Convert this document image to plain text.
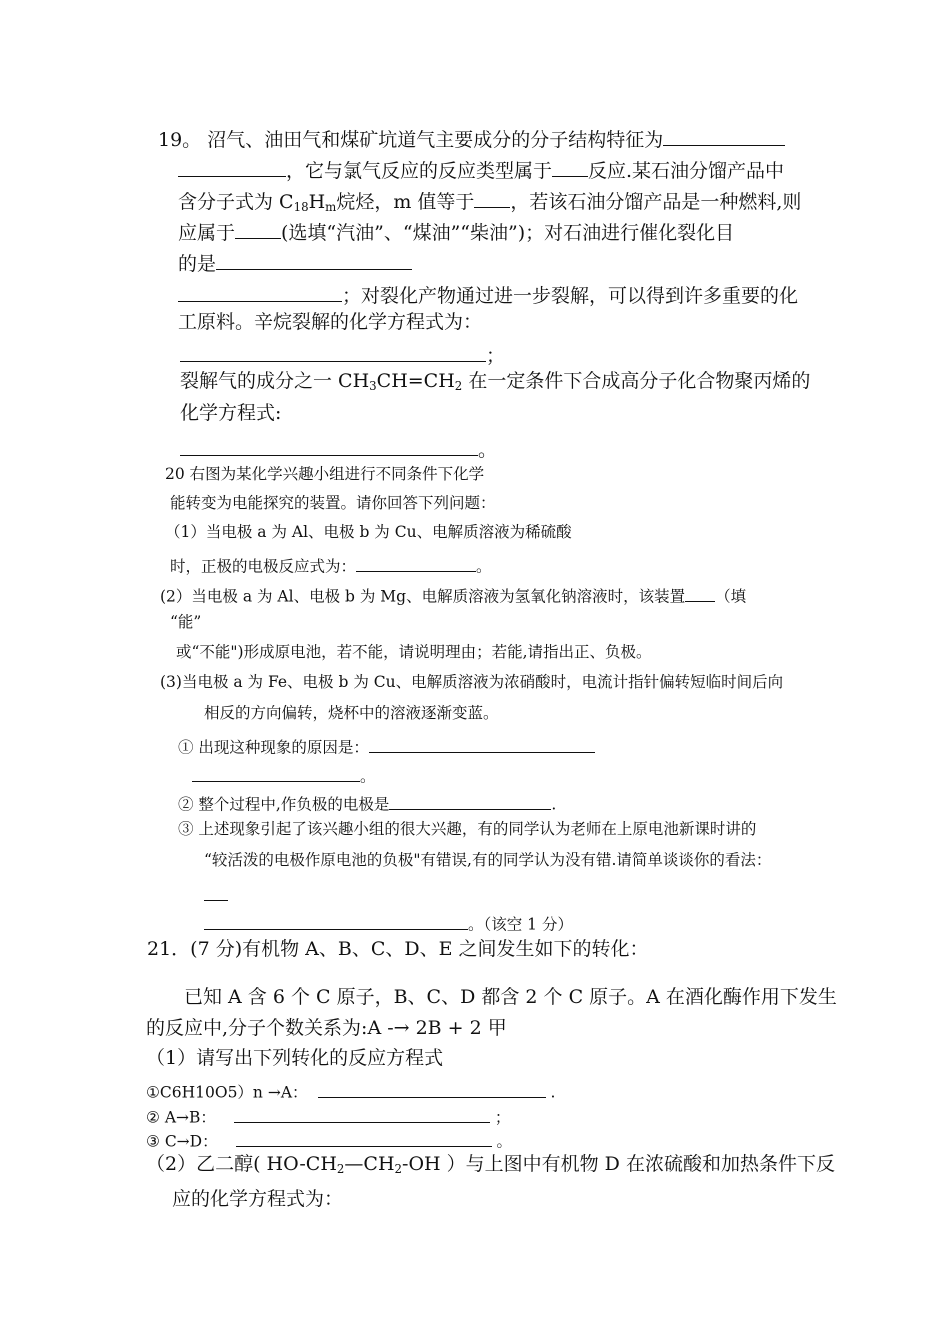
19。 沼气、油田气和煤矿坑道气主要成分的分子结构特征为
，它与氯气反应的反应类型属于 反应.某石油分馏产品中
含分子式为 $C_{18}H_m$烷烃，m 值等于 ，若该石油分馏产品是一种燃料,则
应属于 (选填“汽油”、“煤油”“柴油”)；对石油进行催化裂化目
的是
；对裂化产物通过进一步裂解，可以得到许多重要的化
工原料。辛烷裂解的化学方程式为：
；
裂解气的成分之一 $CH_3CH=CH_2$ 在一定条件下合成高分子化合物聚丙烯的
化学方程式:
。
20 右图为某化学兴趣小组进行不同条件下化学
能转变为电能探究的装置。请你回答下列问题：
（1）当电极 a 为 Al、电极 b 为 Cu、电解质溶液为稀硫酸
时，正极的电极反应式为：	。
(2）当电极 a 为 Al、电极 b 为 Mg、电解质溶液为氢氧化钠溶液时，该装置 （填
“能”
或“不能")形成原电池，若不能，请说明理由；若能,请指出正、负极。
(3)当电极 a 为 Fe、电极 b 为 Cu、电解质溶液为浓硝酸时，电流计指针偏转短临时间后向
相反的方向偏转，烧杯中的溶液逐渐变蓝。
① 出现这种现象的原因是：
。
② 整个过程中,作负极的电极是	.
③ 上述现象引起了该兴趣小组的很大兴趣，有的同学认为老师在上原电池新课时讲的
“较活泼的电极作原电池的负极"有错误,有的同学认为没有错.请简单谈谈你的看法：
。（该空 1 分）
21．(7 分)有机物 A、B、C、D、E 之间发生如下的转化：
已知 A 含 6 个 C 原子，B、C、D 都含 2 个 C 原子。A 在酒化酶作用下发生
的反应中,分子个数关系为:A -→ 2B + 2 甲
（1）请写出下列转化的反应方程式
①C6H10O5）n →A：	.
② A→B：	；
③ C→D：	。
（2）乙二醇( $HO-CH_2—CH_2-OH$ ）与上图中有机物 D 在浓硫酸和加热条件下反
应的化学方程式为：
